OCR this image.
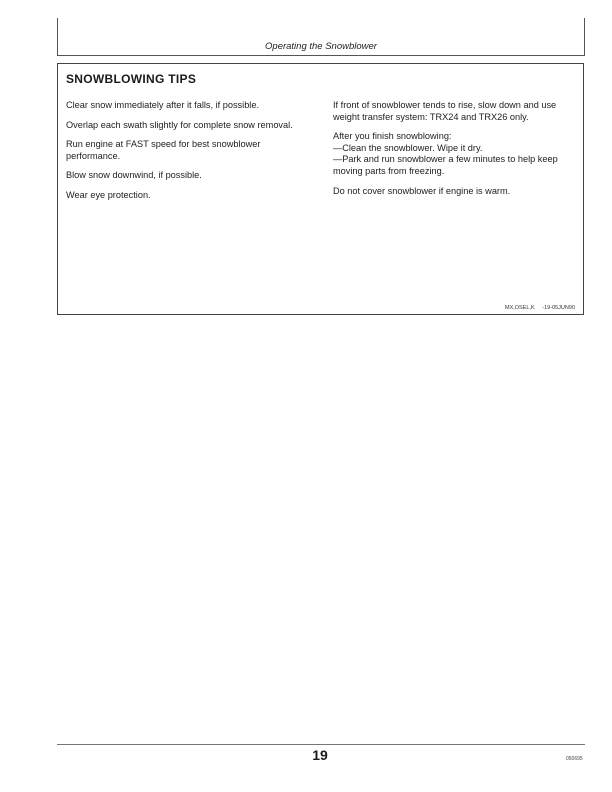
Operating the Snowblower
SNOWBLOWING TIPS

Clear snow immediately after it falls, if possible.

Overlap each swath slightly for complete snow removal.

Run engine at FAST speed for best snowblower performance.

Blow snow downwind, if possible.

Wear eye protection.

If front of snowblower tends to rise, slow down and use weight transfer system: TRX24 and TRX26 only.

After you finish snowblowing:
—Clean the snowblower. Wipe it dry.
—Park and run snowblower a few minutes to help keep moving parts from freezing.

Do not cover snowblower if engine is warm.

MX,OSEL,K     -19-05JUN90
19	050695
